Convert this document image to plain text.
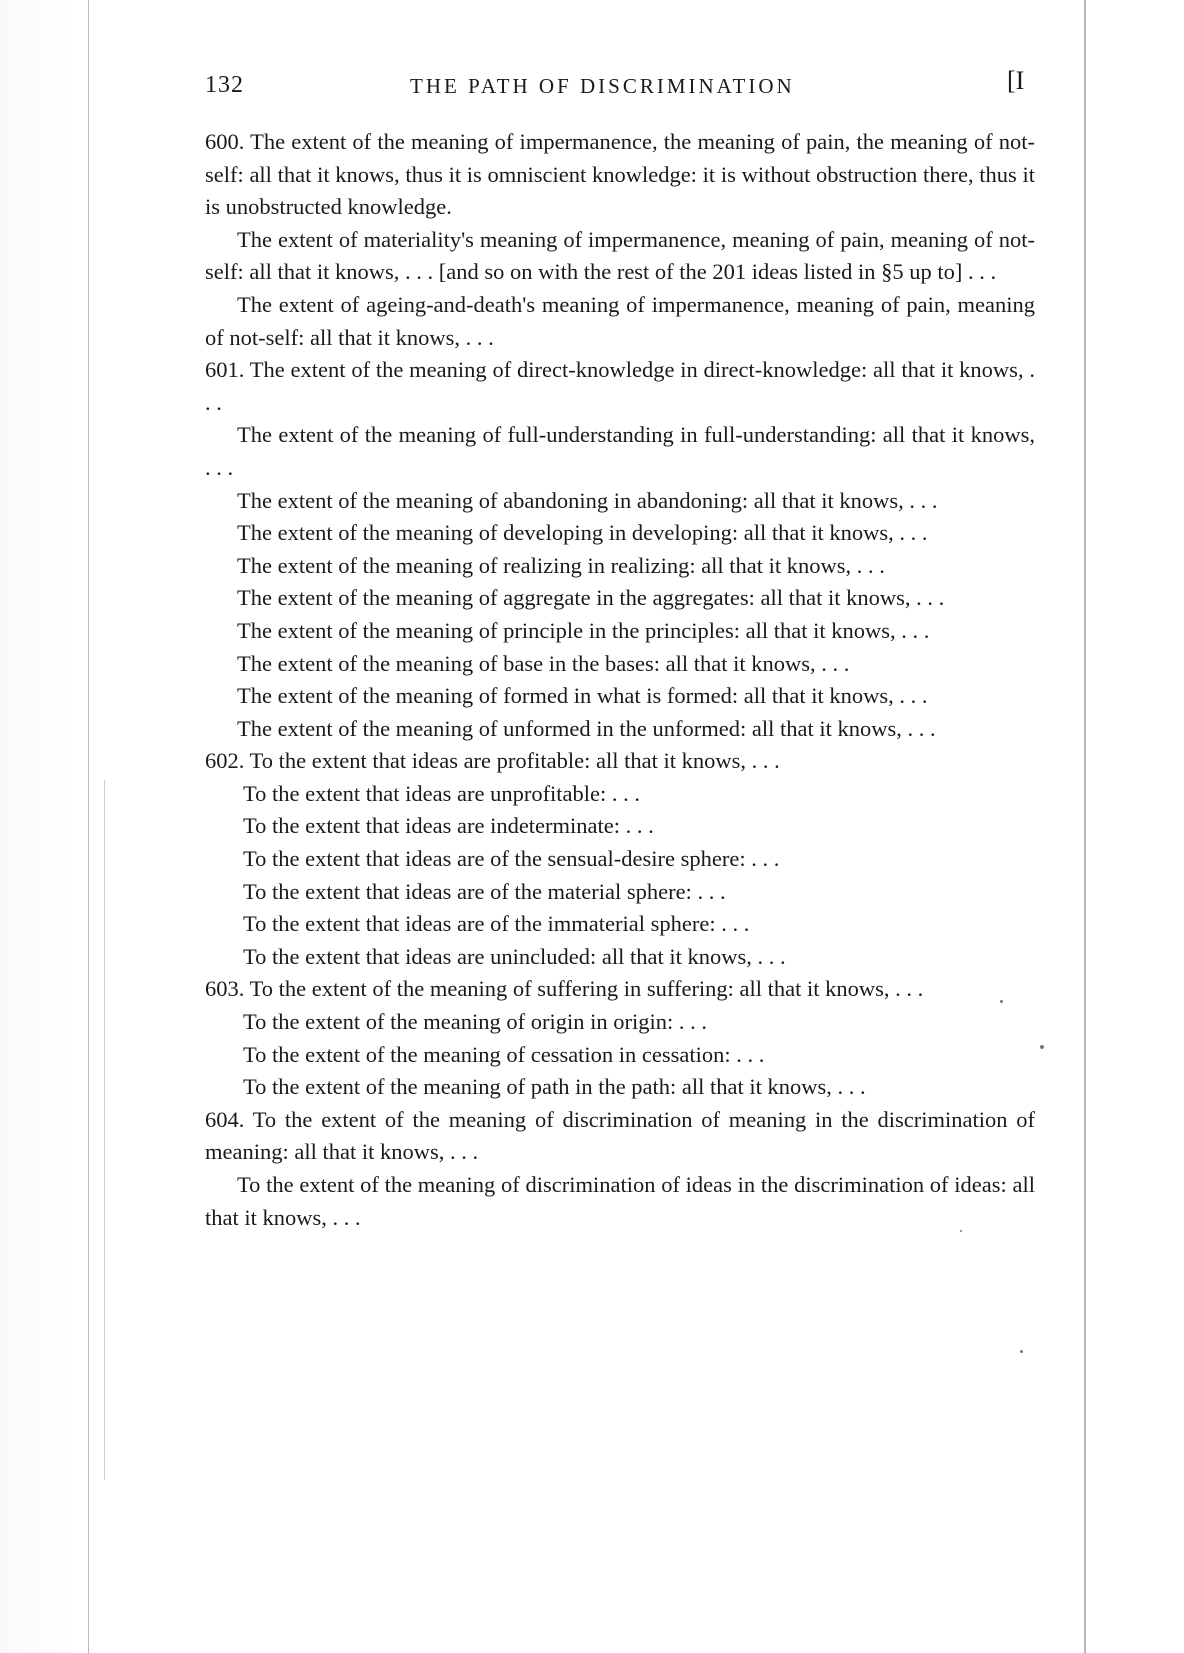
132	THE PATH OF DISCRIMINATION	[I

600. The extent of the meaning of impermanence, the meaning of pain, the meaning of not-self: all that it knows, thus it is omniscient knowledge: it is without obstruction there, thus it is unobstructed knowledge.

The extent of materiality's meaning of impermanence, meaning of pain, meaning of not-self: all that it knows, . . . [and so on with the rest of the 201 ideas listed in §5 up to] . . .

The extent of ageing-and-death's meaning of impermanence, meaning of pain, meaning of not-self: all that it knows, . . .

601. The extent of the meaning of direct-knowledge in direct-knowledge: all that it knows, . . .

The extent of the meaning of full-understanding in full-understanding: all that it knows, . . .

The extent of the meaning of abandoning in abandoning: all that it knows, . . .

The extent of the meaning of developing in developing: all that it knows, . . .

The extent of the meaning of realizing in realizing: all that it knows, . . .

The extent of the meaning of aggregate in the aggregates: all that it knows, . . .

The extent of the meaning of principle in the principles: all that it knows, . . .

The extent of the meaning of base in the bases: all that it knows, . . .

The extent of the meaning of formed in what is formed: all that it knows, . . .

The extent of the meaning of unformed in the unformed: all that it knows, . . .

602. To the extent that ideas are profitable: all that it knows, . . .

To the extent that ideas are unprofitable: . . .

To the extent that ideas are indeterminate: . . .

To the extent that ideas are of the sensual-desire sphere: . . .

To the extent that ideas are of the material sphere: . . .

To the extent that ideas are of the immaterial sphere: . . .

To the extent that ideas are unincluded: all that it knows, . . .

603. To the extent of the meaning of suffering in suffering: all that it knows, . . .

To the extent of the meaning of origin in origin: . . .

To the extent of the meaning of cessation in cessation: . . .

To the extent of the meaning of path in the path: all that it knows, . . .

604. To the extent of the meaning of discrimination of meaning in the discrimination of meaning: all that it knows, . . .

To the extent of the meaning of discrimination of ideas in the discrimination of ideas: all that it knows, . . .
